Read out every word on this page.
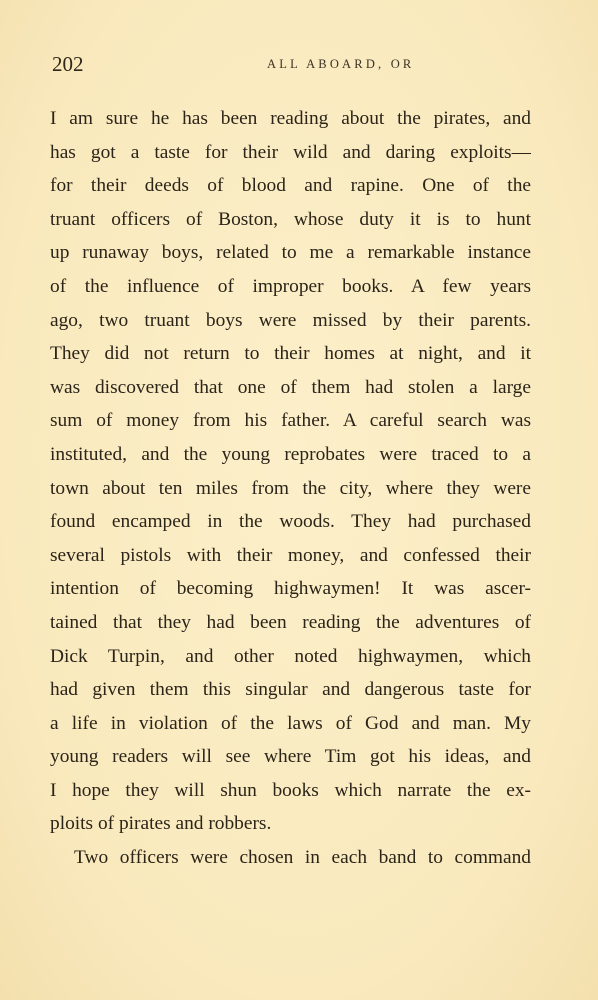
202	ALL ABOARD, OR
I am sure he has been reading about the pirates, and
has got a taste for their wild and daring exploits—
for their deeds of blood and rapine. One of the
truant officers of Boston, whose duty it is to hunt
up runaway boys, related to me a remarkable instance
of the influence of improper books. A few years
ago, two truant boys were missed by their parents.
They did not return to their homes at night, and it
was discovered that one of them had stolen a large
sum of money from his father. A careful search was
instituted, and the young reprobates were traced to a
town about ten miles from the city, where they were
found encamped in the woods. They had purchased
several pistols with their money, and confessed their
intention of becoming highwaymen! It was ascer-
tained that they had been reading the adventures of
Dick Turpin, and other noted highwaymen, which
had given them this singular and dangerous taste for
a life in violation of the laws of God and man. My
young readers will see where Tim got his ideas, and
I hope they will shun books which narrate the ex-
ploits of pirates and robbers.
Two officers were chosen in each band to command
